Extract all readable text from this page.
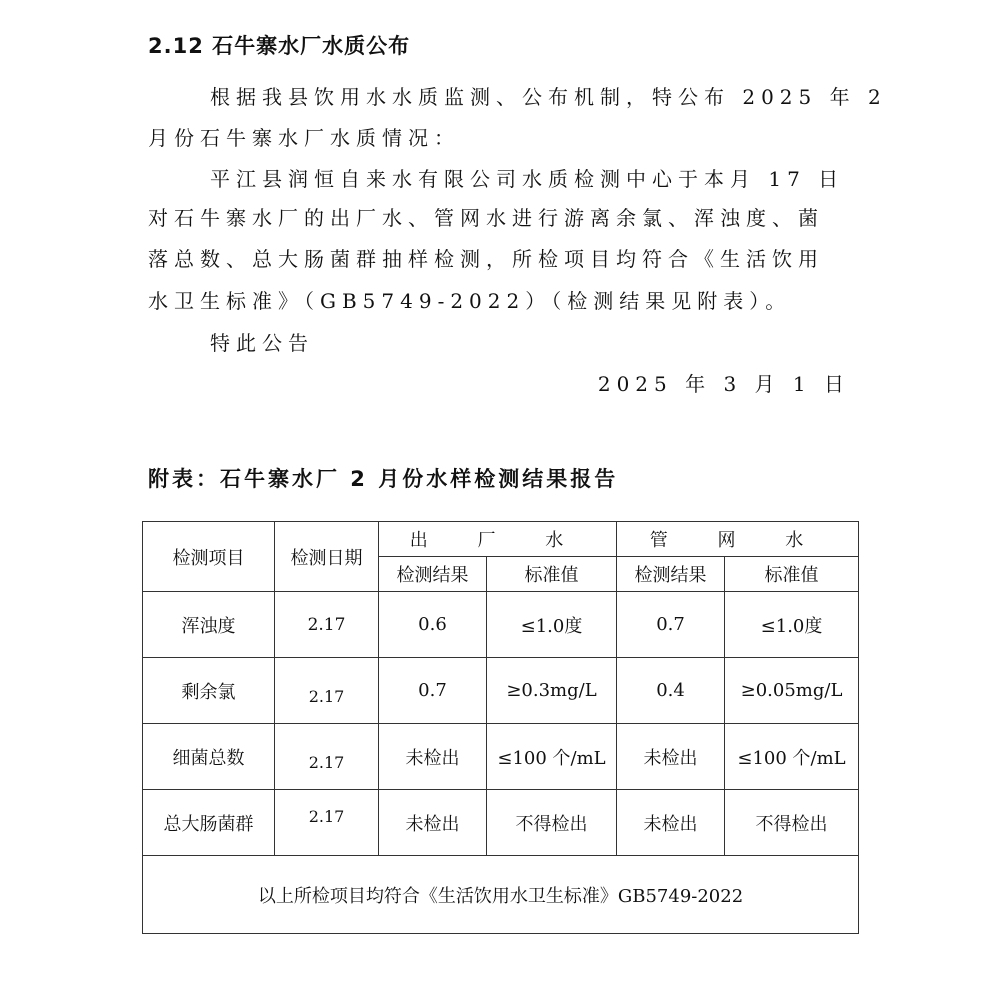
2.12 石牛寨水厂水质公布
根据我县饮用水水质监测、公布机制，特公布 2025 年 2
月份石牛寨水厂水质情况：
平江县润恒自来水有限公司水质检测中心于本月 17 日
对石牛寨水厂的出厂水、管网水进行游离余氯、浑浊度、菌
落总数、总大肠菌群抽样检测，所检项目均符合《生活饮用
水卫生标准》（GB5749-2022）（检测结果见附表）。
特此公告
2025 年 3 月 1 日
附表：石牛寨水厂 2 月份水样检测结果报告
检测项目	检测日期	出 厂 水		管 网 水	
		检测结果	标准值	检测结果	标准值
浑浊度	2.17	0.6	≤1.0度	0.7	≤1.0度
剩余氯	2.17	0.7	≥0.3mg/L	0.4	≥0.05mg/L
细菌总数	2.17	未检出	≤100 个/mL	未检出	≤100 个/mL
总大肠菌群	2.17	未检出	不得检出	未检出	不得检出
以上所检项目均符合《生活饮用水卫生标准》GB5749-2022					
